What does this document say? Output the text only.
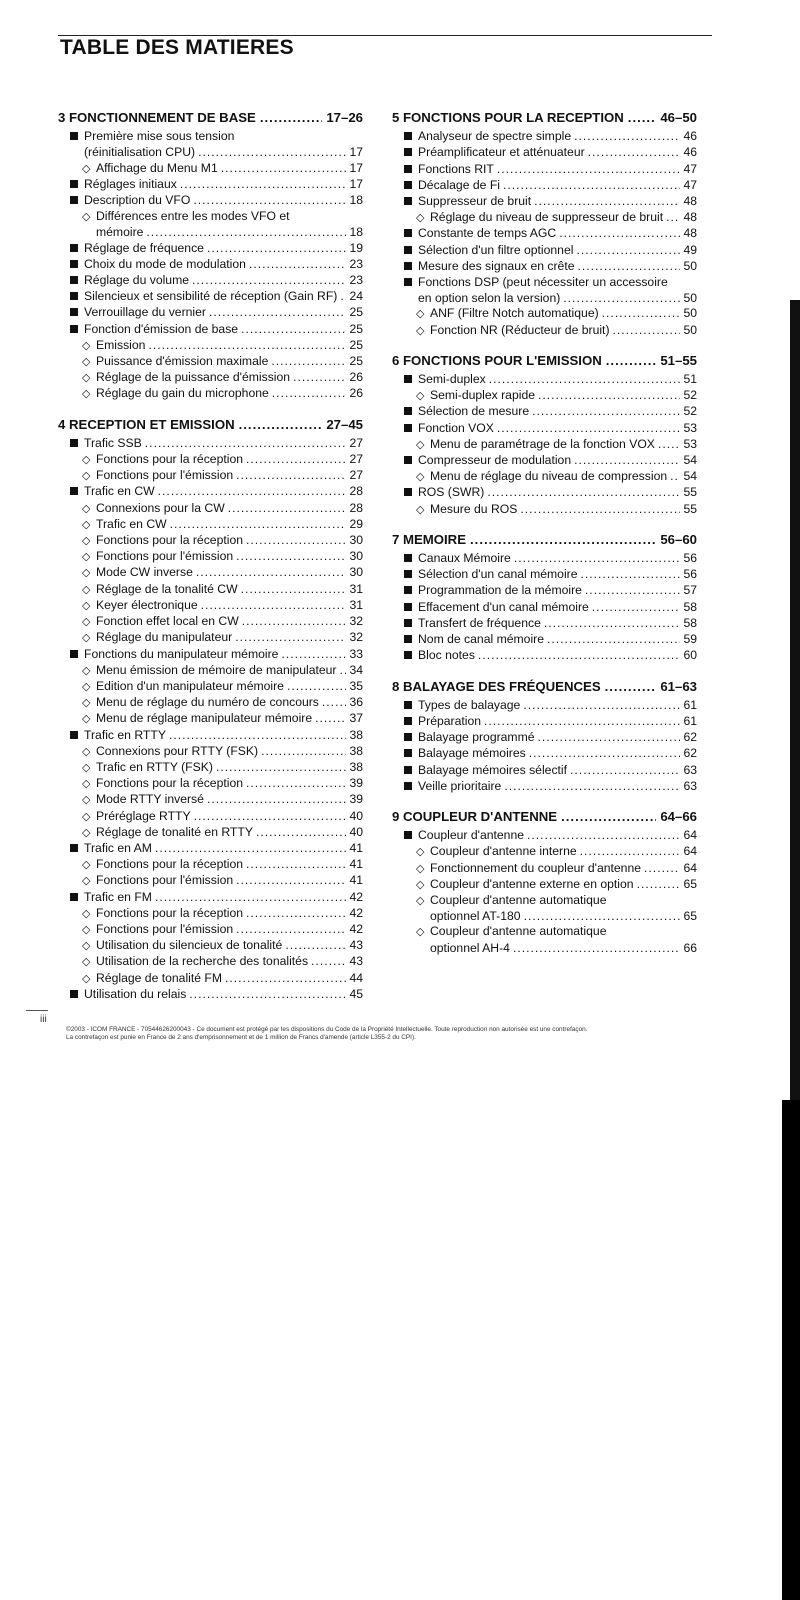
TABLE DES MATIERES
3 FONCTIONNEMENT DE BASE .....	17–26
Première mise sous tension
(réinitialisation CPU) .....	17
◇ Affichage du Menu M1 .....	17
Réglages initiaux .....	17
Description du VFO .....	18
◇ Différences entre les modes VFO et
mémoire .....	18
Réglage de fréquence .....	19
Choix du mode de modulation .....	23
Réglage du volume .....	23
Silencieux et sensibilité de réception (Gain RF) ..... 24
Verrouillage du vernier .....	25
Fonction d'émission de base .....	25
◇ Emission .....	25
◇ Puissance d'émission maximale .....	25
◇ Réglage de la puissance d'émission .....	26
◇ Réglage du gain du microphone .....	26
4 RECEPTION ET EMISSION .....	27–45
Trafic SSB .....	27
◇ Fonctions pour la réception .....	27
◇ Fonctions pour l'émission .....	27
Trafic en CW .....	28
◇ Connexions pour la CW .....	28
◇ Trafic en CW .....	29
◇ Fonctions pour la réception .....	30
◇ Fonctions pour l'émission .....	30
◇ Mode CW inverse .....	30
◇ Réglage de la tonalité CW .....	31
◇ Keyer électronique .....	31
◇ Fonction effet local en CW .....	32
◇ Réglage du manipulateur .....	32
Fonctions du manipulateur mémoire .....	33
◇ Menu émission de mémoire de manipulateur ..... 34
◇ Edition d'un manipulateur mémoire .....	35
◇ Menu de réglage du numéro de concours .....	36
◇ Menu de réglage manipulateur mémoire .....	37
Trafic en RTTY .....	38
◇ Connexions pour RTTY (FSK) .....	38
◇ Trafic en RTTY (FSK) .....	38
◇ Fonctions pour la réception .....	39
◇ Mode RTTY inversé .....	39
◇ Préréglage RTTY .....	40
◇ Réglage de tonalité en RTTY .....	40
Trafic en AM .....	41
◇ Fonctions pour la réception .....	41
◇ Fonctions pour l'émission .....	41
Trafic en FM .....	42
◇ Fonctions pour la réception .....	42
◇ Fonctions pour l'émission .....	42
◇ Utilisation du silencieux de tonalité .....	43
◇ Utilisation de la recherche des tonalités .....	43
◇ Réglage de tonalité FM .....	44
Utilisation du relais .....	45
5 FONCTIONS POUR LA RECEPTION .....	46–50
Analyseur de spectre simple .....	46
Préamplificateur et atténuateur .....	46
Fonctions RIT .....	47
Décalage de Fi .....	47
Suppresseur de bruit .....	48
◇ Réglage du niveau de suppresseur de bruit ..... 48
Constante de temps AGC .....	48
Sélection d'un filtre optionnel .....	49
Mesure des signaux en crête .....	50
Fonctions DSP (peut nécessiter un accessoire
en option selon la version) .....	50
◇ ANF (Filtre Notch automatique) .....	50
◇ Fonction NR (Réducteur de bruit) .....	50
6 FONCTIONS POUR L'EMISSION .....	51–55
Semi-duplex .....	51
◇ Semi-duplex rapide .....	52
Sélection de mesure .....	52
Fonction VOX .....	53
◇ Menu de paramétrage de la fonction VOX ..... 53
Compresseur de modulation .....	54
◇ Menu de réglage du niveau de compression ..... 54
ROS (SWR) .....	55
◇ Mesure du ROS .....	55
7 MEMOIRE .....	56–60
Canaux Mémoire .....	56
Sélection d'un canal mémoire .....	56
Programmation de la mémoire .....	57
Effacement d'un canal mémoire .....	58
Transfert de fréquence .....	58
Nom de canal mémoire .....	59
Bloc notes .....	60
8 BALAYAGE DES FRÉQUENCES .....	61–63
Types de balayage .....	61
Préparation .....	61
Balayage programmé .....	62
Balayage mémoires .....	62
Balayage mémoires sélectif .....	63
Veille prioritaire .....	63
9 COUPLEUR D'ANTENNE .....	64–66
Coupleur d'antenne .....	64
◇ Coupleur d'antenne interne .....	64
◇ Fonctionnement du coupleur d'antenne .....	64
◇ Coupleur d'antenne externe en option .....	65
◇ Coupleur d'antenne automatique
optionnel AT-180 .....	65
◇ Coupleur d'antenne automatique
optionnel AH-4 .....	66
iii
©2003 - ICOM FRANCE - 70544626200043 - Ce document est protégé par les dispositions du Code de la Propriété Intellectuelle. Toute reproduction non autorisée est une contrefaçon.
La contrefaçon est punie en France de 2 ans d'emprisonnement et de 1 million de Francs d'amende (article L355-2 du CPI).
